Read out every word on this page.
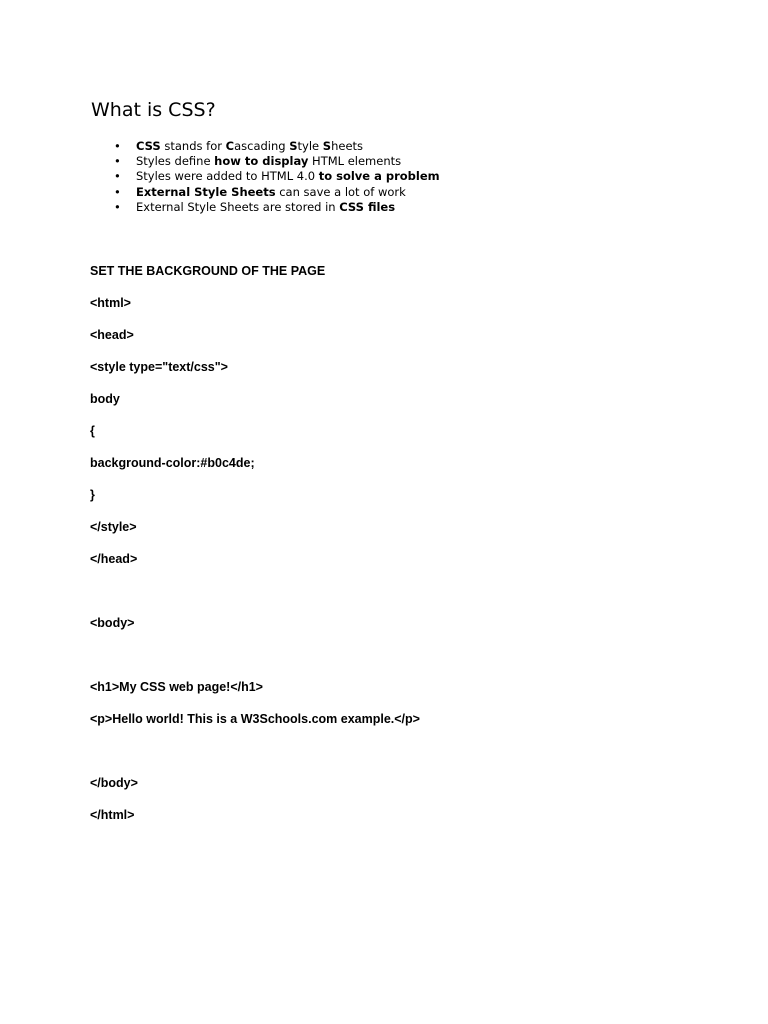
What is CSS?
• CSS stands for Cascading Style Sheets
• Styles define how to display HTML elements
• Styles were added to HTML 4.0 to solve a problem
• External Style Sheets can save a lot of work
• External Style Sheets are stored in CSS files

SET THE BACKGROUND OF THE PAGE

<html>

<head>

<style type="text/css">

body

{

background-color:#b0c4de;

}

</style>

</head>

<body>

<h1>My CSS web page!</h1>

<p>Hello world! This is a W3Schools.com example.</p>

</body>

</html>
